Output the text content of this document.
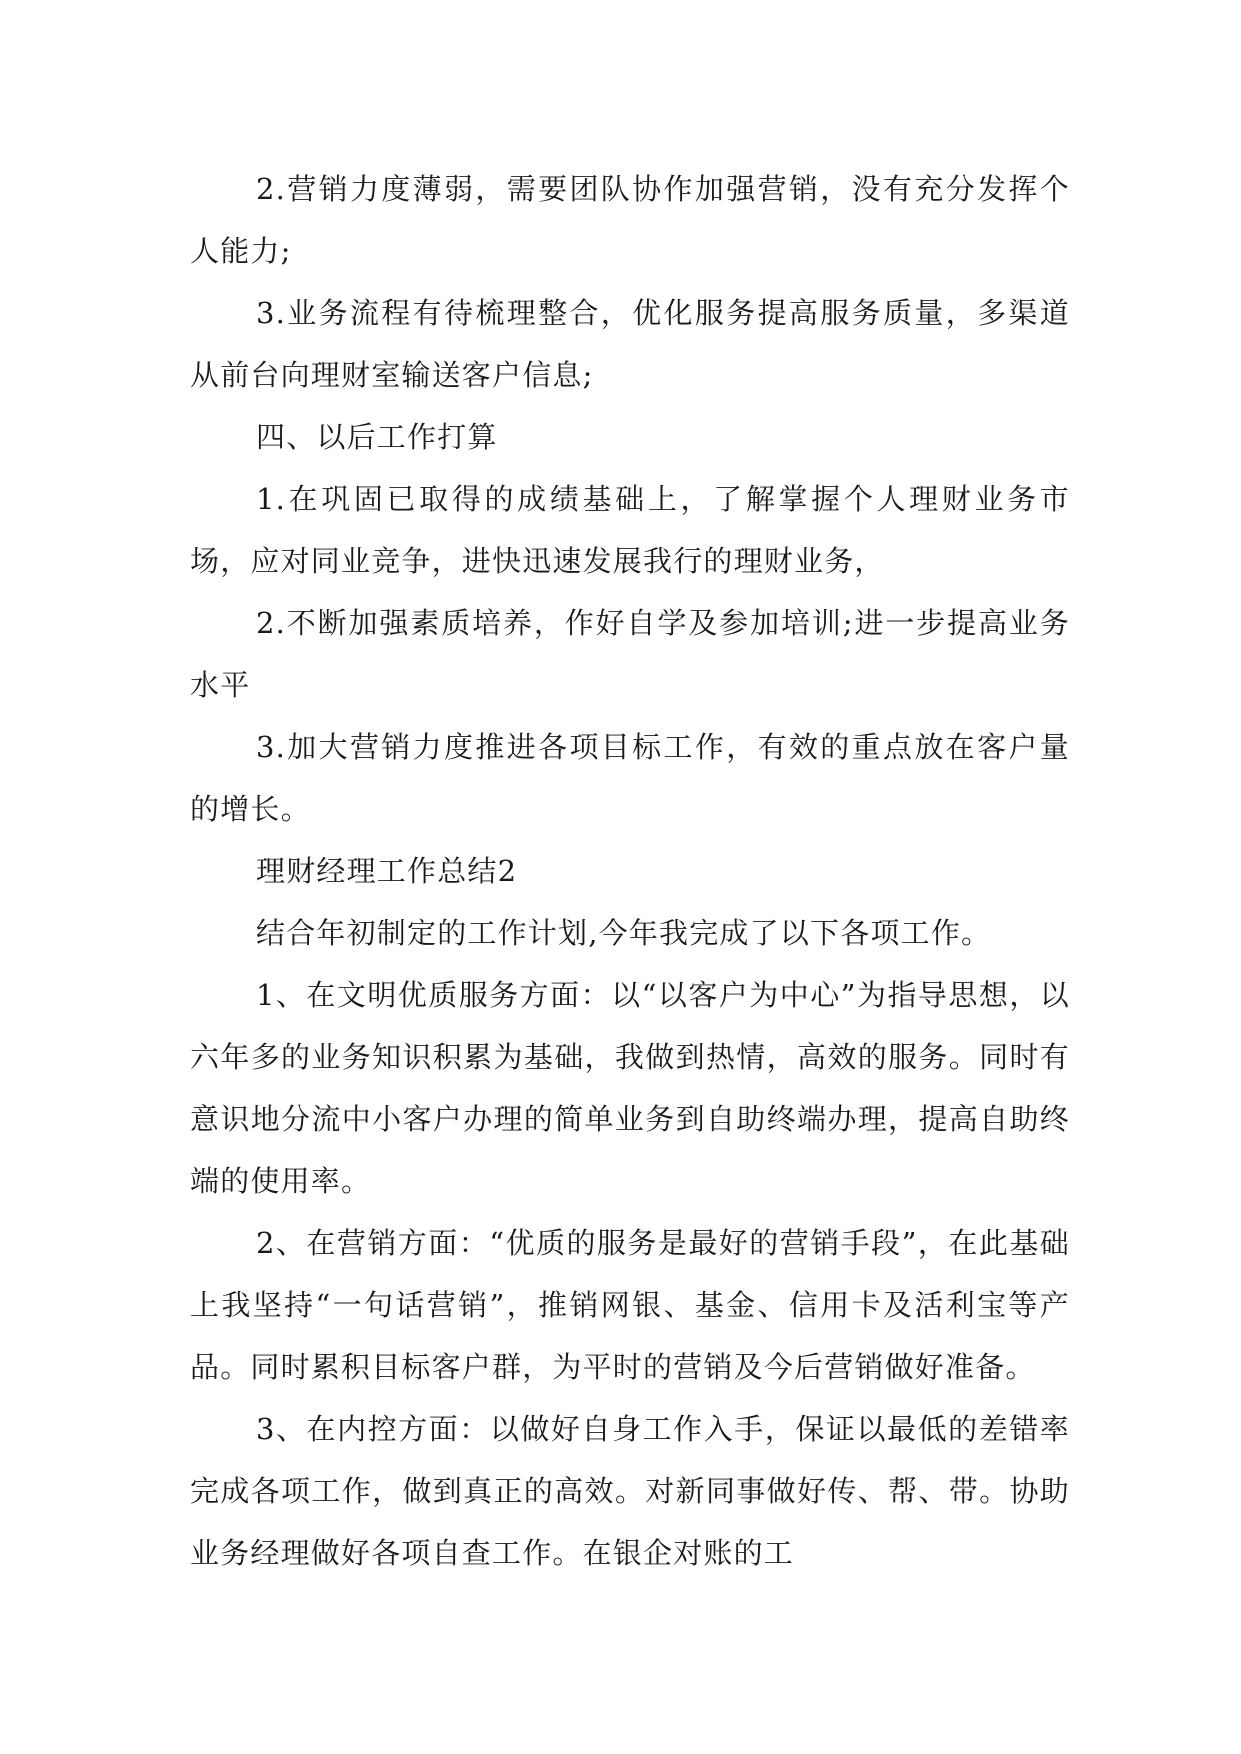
2.营销力度薄弱，需要团队协作加强营销，没有充分发挥个人能力;

3.业务流程有待梳理整合，优化服务提高服务质量，多渠道从前台向理财室输送客户信息;

四、以后工作打算

1.在巩固已取得的成绩基础上，了解掌握个人理财业务市场，应对同业竞争，进快迅速发展我行的理财业务，

2.不断加强素质培养，作好自学及参加培训;进一步提高业务水平

3.加大营销力度推进各项目标工作，有效的重点放在客户量的增长。

理财经理工作总结2

结合年初制定的工作计划,今年我完成了以下各项工作。

1、在文明优质服务方面：以“以客户为中心”为指导思想，以六年多的业务知识积累为基础，我做到热情，高效的服务。同时有意识地分流中小客户办理的简单业务到自助终端办理，提高自助终端的使用率。

2、在营销方面：“优质的服务是最好的营销手段”，在此基础上我坚持“一句话营销”，推销网银、基金、信用卡及活利宝等产品。同时累积目标客户群，为平时的营销及今后营销做好准备。

3、在内控方面：以做好自身工作入手，保证以最低的差错率完成各项工作，做到真正的高效。对新同事做好传、帮、带。协助业务经理做好各项自查工作。在银企对账的工
